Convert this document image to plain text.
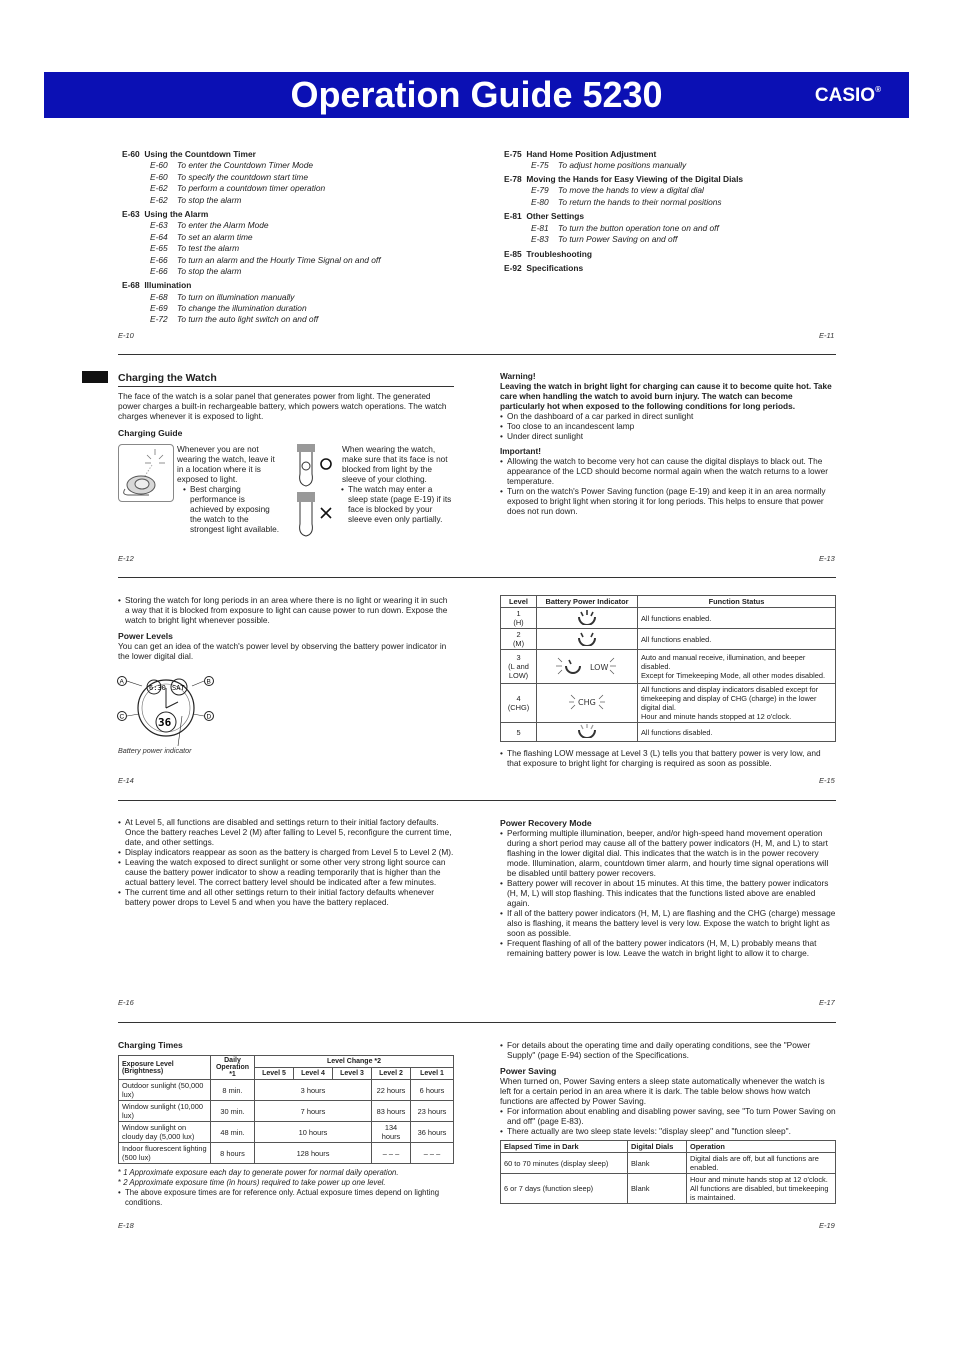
Operation Guide 5230	CASIO®
E-60 Using the Countdown Timer
E-60 To enter the Countdown Timer Mode
E-60 To specify the countdown start time
E-62 To perform a countdown timer operation
E-62 To stop the alarm
E-63 Using the Alarm
E-63 To enter the Alarm Mode
E-64 To set an alarm time
E-65 To test the alarm
E-66 To turn an alarm and the Hourly Time Signal on and off
E-66 To stop the alarm
E-68 Illumination
E-68 To turn on illumination manually
E-69 To change the illumination duration
E-72 To turn the auto light switch on and off
E-75 Hand Home Position Adjustment
E-75 To adjust home positions manually
E-78 Moving the Hands for Easy Viewing of the Digital Dials
E-79 To move the hands to view a digital dial
E-80 To return the hands to their normal positions
E-81 Other Settings
E-81 To turn the button operation tone on and off
E-83 To turn Power Saving on and off
E-85 Troubleshooting
E-92 Specifications
E-10	E-11
Charging the Watch
The face of the watch is a solar panel that generates power from light. The generated power charges a built-in rechargeable battery, which powers watch operations. The watch charges whenever it is exposed to light.
Charging Guide
Whenever you are not wearing the watch, leave it in a location where it is exposed to light.
• Best charging performance is achieved by exposing the watch to the strongest light available.
When wearing the watch, make sure that its face is not blocked from light by the sleeve of your clothing.
• The watch may enter a sleep state (page E-19) if its face is blocked by your sleeve even only partially.
Warning!
Leaving the watch in bright light for charging can cause it to become quite hot. Take care when handling the watch to avoid burn injury. The watch can become particularly hot when exposed to the following conditions for long periods.
• On the dashboard of a car parked in direct sunlight
• Too close to an incandescent lamp
• Under direct sunlight
Important!
• Allowing the watch to become very hot can cause the digital displays to black out. The appearance of the LCD should become normal again when the watch returns to a lower temperature.
• Turn on the watch's Power Saving function (page E-19) and keep it in an area normally exposed to bright light when storing it for long periods. This helps to ensure that power does not run down.
E-12	E-13
• Storing the watch for long periods in an area where there is no light or wearing it in such a way that it is blocked from exposure to light can cause power to run down. Expose the watch to bright light whenever possible.
Power Levels
You can get an idea of the watch's power level by observing the battery power indicator in the lower digital dial.
6:30 SAT
36
A	B
C	D
Battery power indicator
Level	Battery Power Indicator	Function Status
1
(H)		All functions enabled.
2
(M)		All functions enabled.
3
(L and LOW)	LOW	Auto and manual receive, illumination, and beeper disabled.
Except for Timekeeping Mode, all other modes disabled.
4
(CHG)	CHG	All functions and display indicators disabled except for timekeeping and display of CHG (charge) in the lower digital dial.
Hour and minute hands stopped at 12 o'clock.
5		All functions disabled.
• The flashing LOW message at Level 3 (L) tells you that battery power is very low, and that exposure to bright light for charging is required as soon as possible.
E-14	E-15
• At Level 5, all functions are disabled and settings return to their initial factory defaults. Once the battery reaches Level 2 (M) after falling to Level 5, reconfigure the current time, date, and other settings.
• Display indicators reappear as soon as the battery is charged from Level 5 to Level 2 (M).
• Leaving the watch exposed to direct sunlight or some other very strong light source can cause the battery power indicator to show a reading temporarily that is higher than the actual battery level. The correct battery level should be indicated after a few minutes.
• The current time and all other settings return to their initial factory defaults whenever battery power drops to Level 5 and when you have the battery replaced.
Power Recovery Mode
• Performing multiple illumination, beeper, and/or high-speed hand movement operation during a short period may cause all of the battery power indicators (H, M, and L) to start flashing in the lower digital dial. This indicates that the watch is in the power recovery mode. Illumination, alarm, countdown timer alarm, and hourly time signal operations will be disabled until battery power recovers.
• Battery power will recover in about 15 minutes. At this time, the battery power indicators (H, M, L) will stop flashing. This indicates that the functions listed above are enabled again.
• If all of the battery power indicators (H, M, L) are flashing and the CHG (charge) message also is flashing, it means the battery level is very low. Expose the watch to bright light as soon as possible.
• Frequent flashing of all of the battery power indicators (H, M, L) probably means that remaining battery power is low. Leave the watch in bright light to allow it to charge.
E-16	E-17
Charging Times
Exposure Level (Brightness)	Daily Operation *1	Level Change *2				
		Level 5	Level 4	Level 3	Level 2	Level 1
Outdoor sunlight (50,000 lux)	8 min.	3 hours			22 hours	6 hours
Window sunlight (10,000 lux)	30 min.	7 hours			83 hours	23 hours
Window sunlight on cloudy day (5,000 lux)	48 min.	10 hours			134 hours	36 hours
Indoor fluorescent lighting (500 lux)	8 hours	128 hours			– – –	– – –
* 1 Approximate exposure each day to generate power for normal daily operation.
* 2 Approximate exposure time (in hours) required to take power up one level.
• The above exposure times are for reference only. Actual exposure times depend on lighting conditions.
• For details about the operating time and daily operating conditions, see the "Power Supply" (page E-94) section of the Specifications.
Power Saving
When turned on, Power Saving enters a sleep state automatically whenever the watch is left for a certain period in an area where it is dark. The table below shows how watch functions are affected by Power Saving.
• For information about enabling and disabling power saving, see "To turn Power Saving on and off" (page E-83).
• There actually are two sleep state levels: "display sleep" and "function sleep".
Elapsed Time in Dark	Digital Dials	Operation
60 to 70 minutes (display sleep)	Blank	Digital dials are off, but all functions are enabled.
6 or 7 days (function sleep)	Blank	Hour and minute hands stop at 12 o'clock. All functions are disabled, but timekeeping is maintained.
E-18	E-19
